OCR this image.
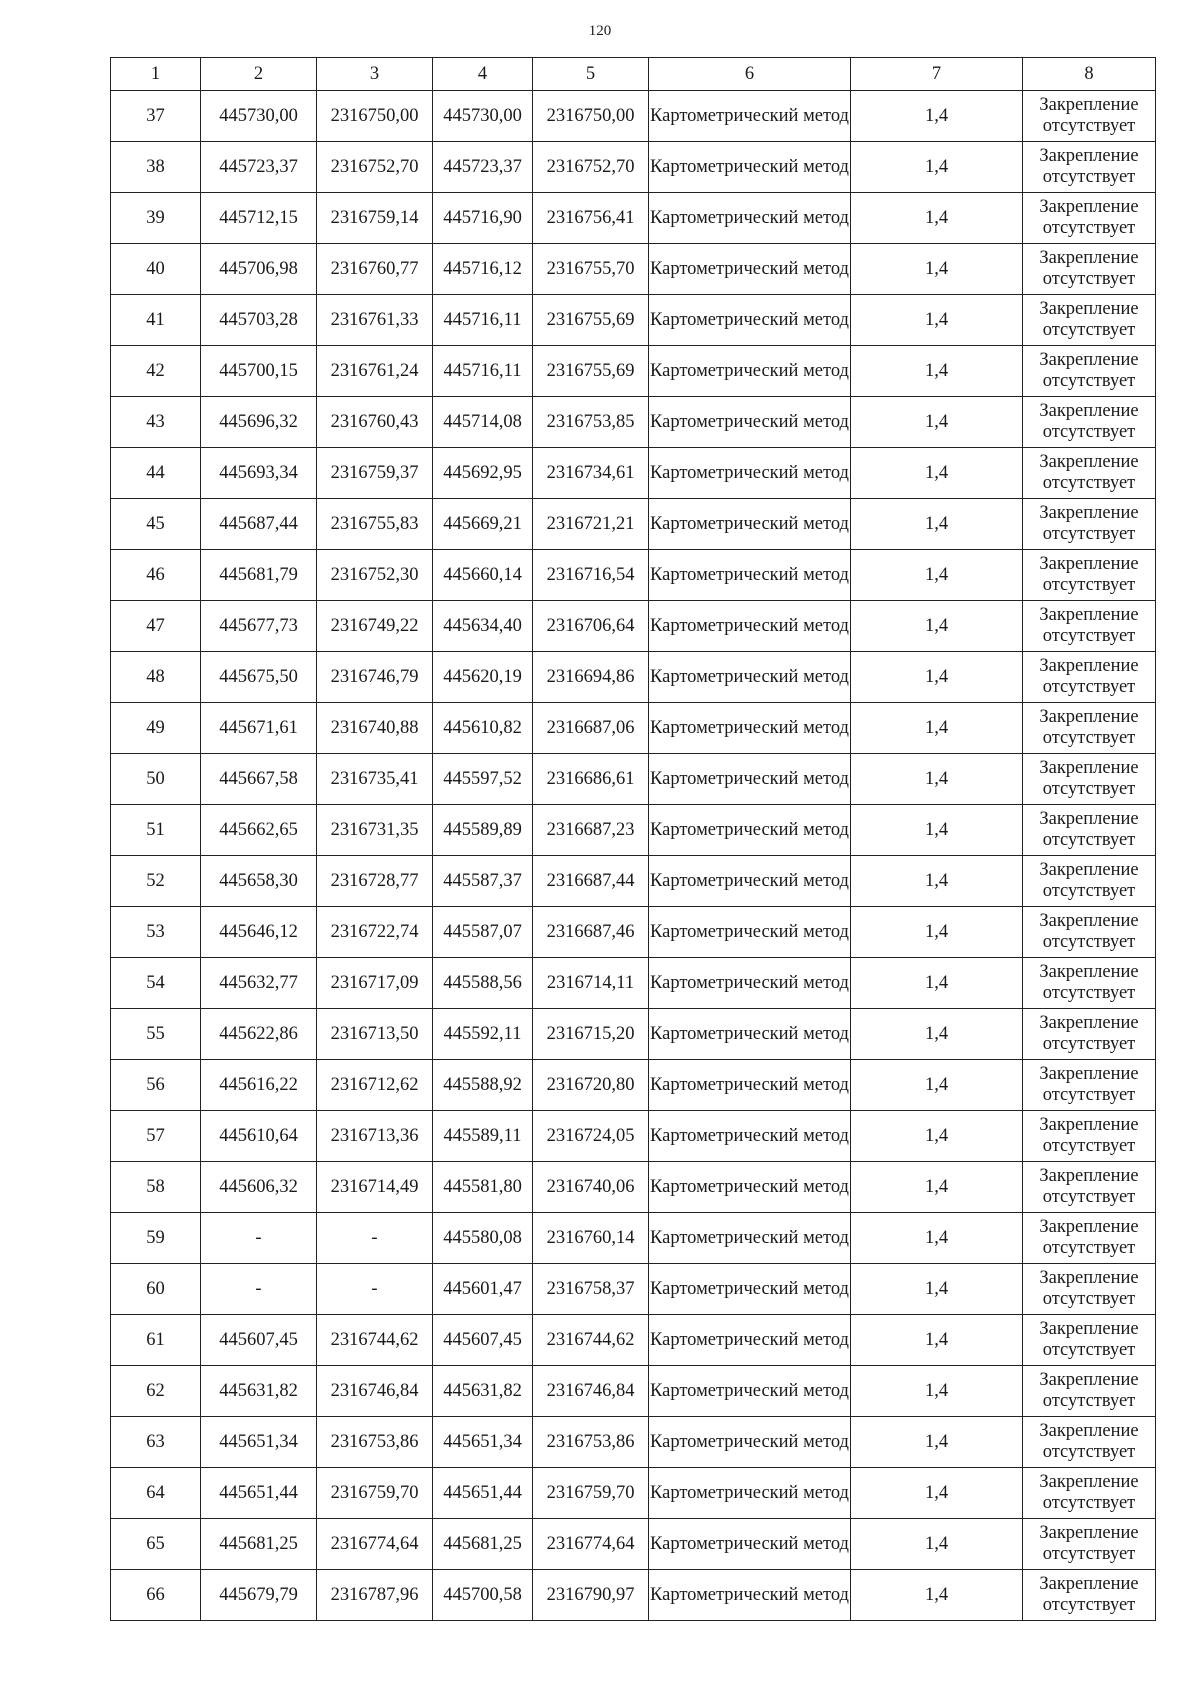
120
1	2	3	4	5	6	7	8
37	445730,00	2316750,00	445730,00	2316750,00	Картометрический метод	1,4	Закрепление отсутствует
38	445723,37	2316752,70	445723,37	2316752,70	Картометрический метод	1,4	Закрепление отсутствует
39	445712,15	2316759,14	445716,90	2316756,41	Картометрический метод	1,4	Закрепление отсутствует
40	445706,98	2316760,77	445716,12	2316755,70	Картометрический метод	1,4	Закрепление отсутствует
41	445703,28	2316761,33	445716,11	2316755,69	Картометрический метод	1,4	Закрепление отсутствует
42	445700,15	2316761,24	445716,11	2316755,69	Картометрический метод	1,4	Закрепление отсутствует
43	445696,32	2316760,43	445714,08	2316753,85	Картометрический метод	1,4	Закрепление отсутствует
44	445693,34	2316759,37	445692,95	2316734,61	Картометрический метод	1,4	Закрепление отсутствует
45	445687,44	2316755,83	445669,21	2316721,21	Картометрический метод	1,4	Закрепление отсутствует
46	445681,79	2316752,30	445660,14	2316716,54	Картометрический метод	1,4	Закрепление отсутствует
47	445677,73	2316749,22	445634,40	2316706,64	Картометрический метод	1,4	Закрепление отсутствует
48	445675,50	2316746,79	445620,19	2316694,86	Картометрический метод	1,4	Закрепление отсутствует
49	445671,61	2316740,88	445610,82	2316687,06	Картометрический метод	1,4	Закрепление отсутствует
50	445667,58	2316735,41	445597,52	2316686,61	Картометрический метод	1,4	Закрепление отсутствует
51	445662,65	2316731,35	445589,89	2316687,23	Картометрический метод	1,4	Закрепление отсутствует
52	445658,30	2316728,77	445587,37	2316687,44	Картометрический метод	1,4	Закрепление отсутствует
53	445646,12	2316722,74	445587,07	2316687,46	Картометрический метод	1,4	Закрепление отсутствует
54	445632,77	2316717,09	445588,56	2316714,11	Картометрический метод	1,4	Закрепление отсутствует
55	445622,86	2316713,50	445592,11	2316715,20	Картометрический метод	1,4	Закрепление отсутствует
56	445616,22	2316712,62	445588,92	2316720,80	Картометрический метод	1,4	Закрепление отсутствует
57	445610,64	2316713,36	445589,11	2316724,05	Картометрический метод	1,4	Закрепление отсутствует
58	445606,32	2316714,49	445581,80	2316740,06	Картометрический метод	1,4	Закрепление отсутствует
59	-	-	445580,08	2316760,14	Картометрический метод	1,4	Закрепление отсутствует
60	-	-	445601,47	2316758,37	Картометрический метод	1,4	Закрепление отсутствует
61	445607,45	2316744,62	445607,45	2316744,62	Картометрический метод	1,4	Закрепление отсутствует
62	445631,82	2316746,84	445631,82	2316746,84	Картометрический метод	1,4	Закрепление отсутствует
63	445651,34	2316753,86	445651,34	2316753,86	Картометрический метод	1,4	Закрепление отсутствует
64	445651,44	2316759,70	445651,44	2316759,70	Картометрический метод	1,4	Закрепление отсутствует
65	445681,25	2316774,64	445681,25	2316774,64	Картометрический метод	1,4	Закрепление отсутствует
66	445679,79	2316787,96	445700,58	2316790,97	Картометрический метод	1,4	Закрепление отсутствует
